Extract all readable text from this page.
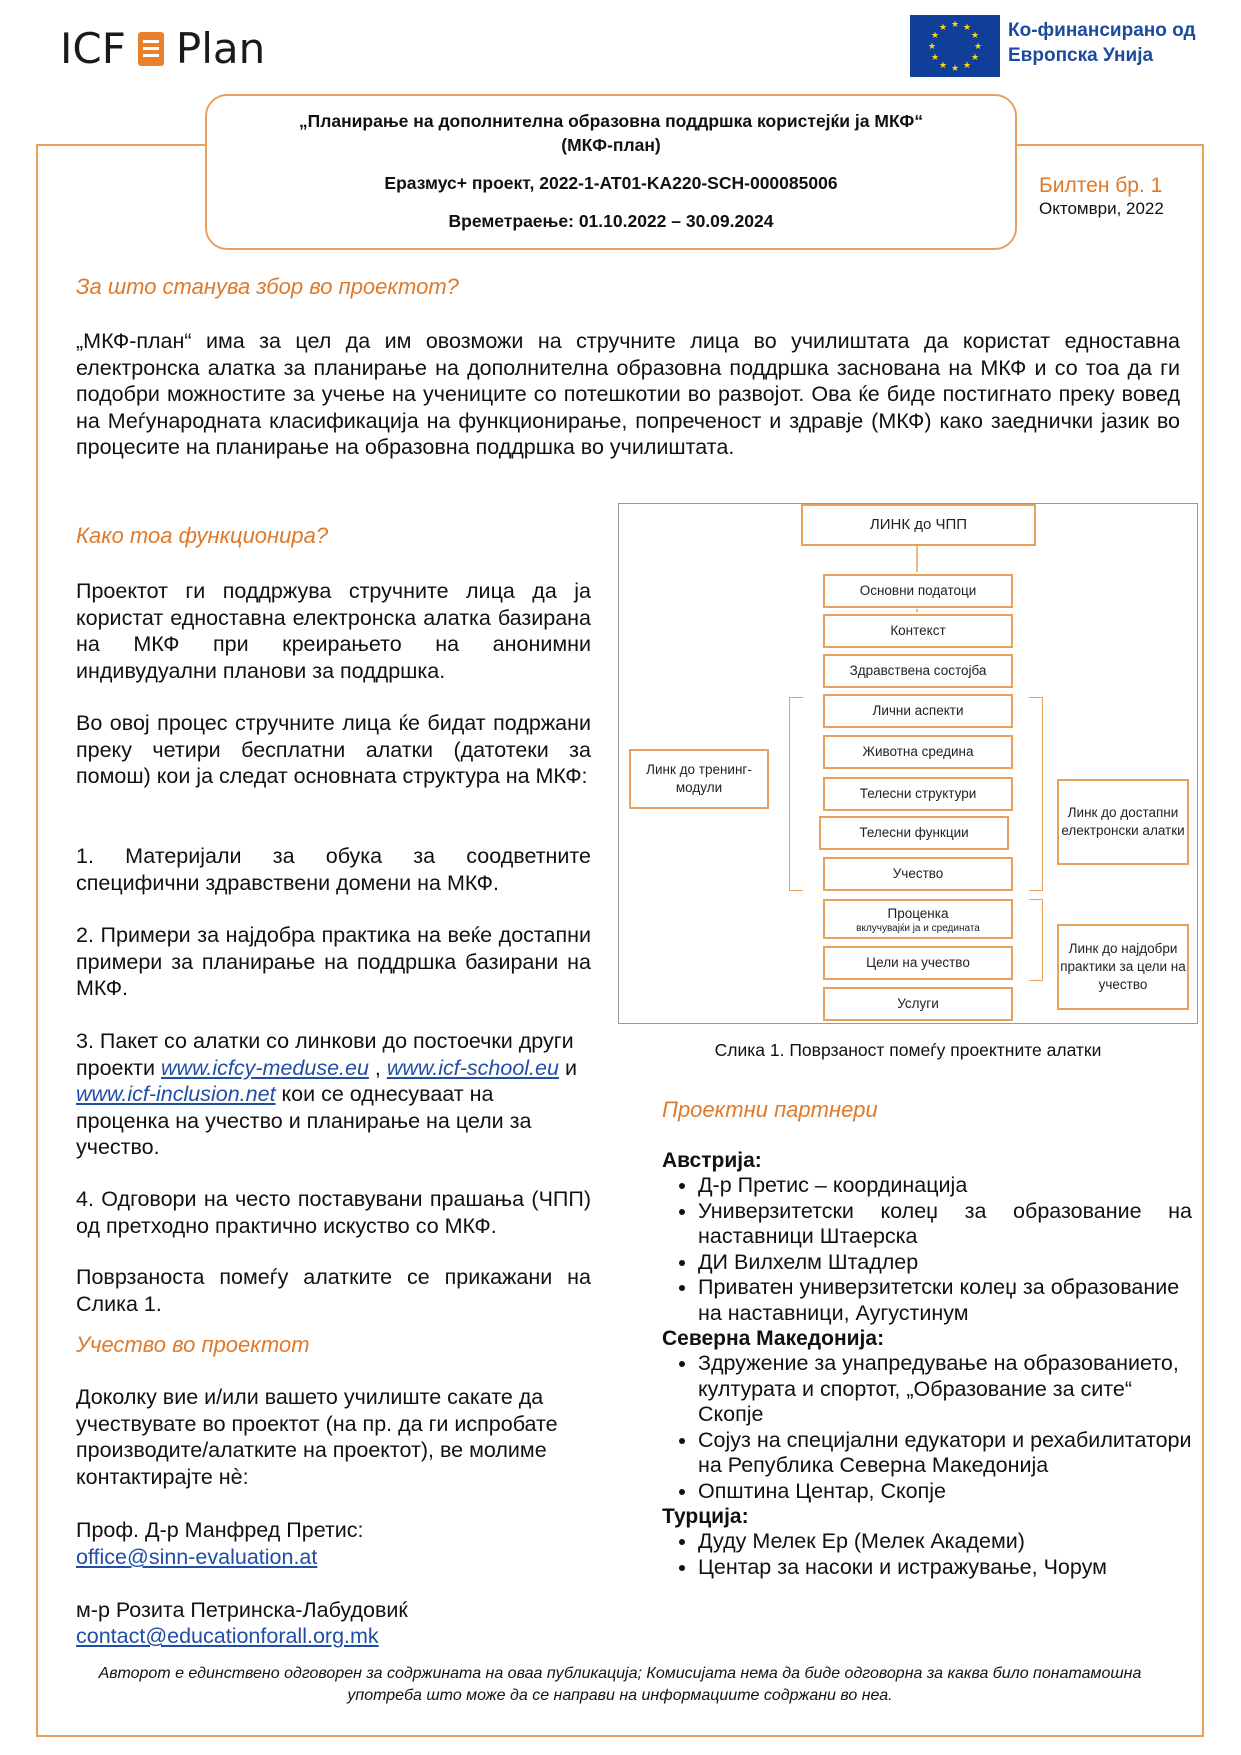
ICF Plan	★ ★
★
★
★
★
★
★
★
★
★
★	Ко-финансирано од
Европска Унија
„Планирање на дополнителна образовна поддршка користејќи ја МКФ“
(МКФ-план)
Еразмус+ проект, 2022-1-AT01-KA220-SCH-000085006
Времетраење: 01.10.2022 – 30.09.2024
Билтен бр. 1
Октомври, 2022
За што станува збор во проектот?
„МКФ-план“ има за цел да им овозможи на стручните лица во училиштата да користат едноставна електронска алатка за планирање на дополнителна образовна поддршка заснована на МКФ и со тоа да ги подобри можностите за учење на учениците со потешкотии во развојот. Ова ќе биде постигнато преку вовед на Меѓународната класификација на функционирање, попреченост и здравје (МКФ) како заеднички јазик во процесите на планирање на образовна поддршка во училиштата.
Како тоа функционира?
Проектот ги поддржува стручните лица да ја користат едноставна електронска алатка базирана на МКФ при креирањето на анонимни индивудуални планови за поддршка.
Во овој процес стручните лица ќе бидат подржани преку четири бесплатни алатки (датотеки за помош) кои ја следат основната структура на МКФ:
1. Материјали за обука за соодветните специфични здравствени домени на МКФ.
2. Примери за најдобра практика на веќе достапни примери за планирање на поддршка базирани на МКФ.
3. Пакет со алатки со линкови до постоечки други проекти www.icfcy-meduse.eu , www.icf-school.eu и www.icf-inclusion.net кои се однесуваат на проценка на учество и планирање на цели за учество.
4. Одговори на често поставувани прашања (ЧПП) од претходно практично искуство со МКФ.
Поврзаноста помеѓу алатките се прикажани на Слика 1.
Учество во проектот
Доколку вие и/или вашето училиште сакате да учествувате во проектот (на пр. да ги испробате производите/алатките на проектот), ве молиме контактирајте нè:
Проф. Д-р Манфред Претис:
office@sinn-evaluation.at
м-р Розита Петринска-Лабудовиќ
contact@educationforall.org.mk
ЛИНК до ЧПП
Основни податоци
Контекст
Здравствена состојба
Лични аспекти
Животна средина
Телесни структури
Телесни функции
Учество
Проценка
вклучувајќи ја и средината
Цели на учество
Услуги
Линк до тренинг-модули
Линк до достапни електронски алатки
Линк до најдобри практики за цели на учество
Слика 1. Поврзаност помеѓу проектните алатки
Проектни партнери
Австрија:
• Д-р Претис – координација
• Универзитетски колеџ за образование на наставници Штаерска
• ДИ Вилхелм Штадлер
• Приватен универзитетски колеџ за образование на наставници, Аугустинум
Северна Македонија:
• Здружение за унапредување на образованието, културата и спортот, „Образование за сите“ Скопје
• Сојуз на специјални едукатори и рехабилитатори на Република Северна Македонија
• Општина Центар, Скопје
Турција:
• Дуду Мелек Ер (Мелек Академи)
• Центар за насоки и истражување, Чорум
Авторот е единствено одговорен за содржината на оваа публикација; Комисијата нема да биде одговорна за каква било понатамошна употреба што може да се направи на информациите содржани во неа.
